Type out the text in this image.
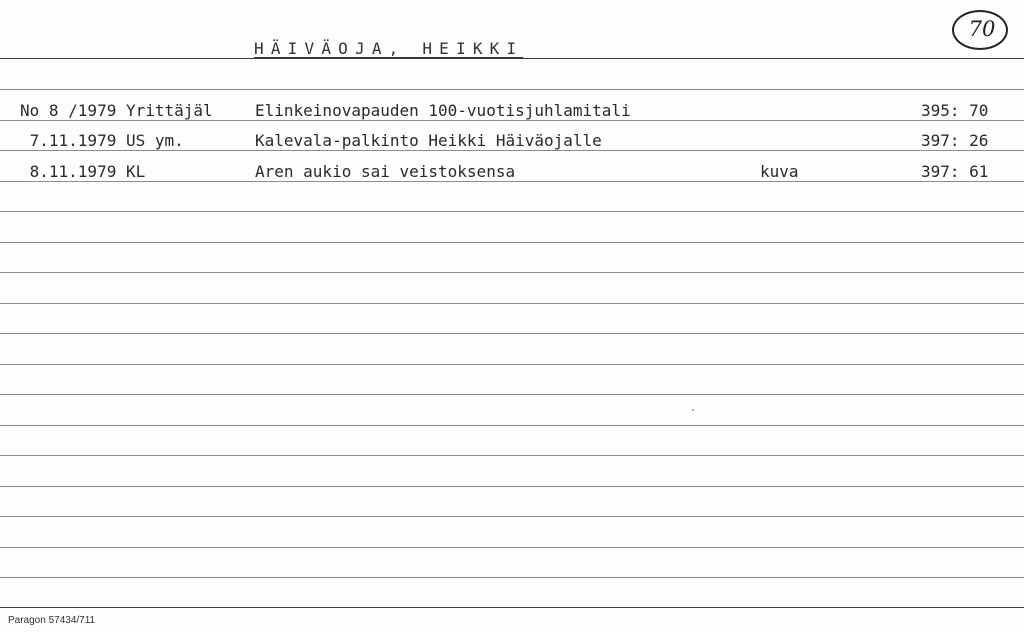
HÄIVÄOJA, HEIKKI
70
No 8 /1979 Yrittäjäl	Elinkeinovapauden 100-vuotisjuhlamitali	395: 70
7.11.1979 US ym.	Kalevala-palkinto Heikki Häiväojalle	397: 26
8.11.1979 KL	Aren aukio sai veistoksensa	kuva	397: 61
Paragon 57434/711
